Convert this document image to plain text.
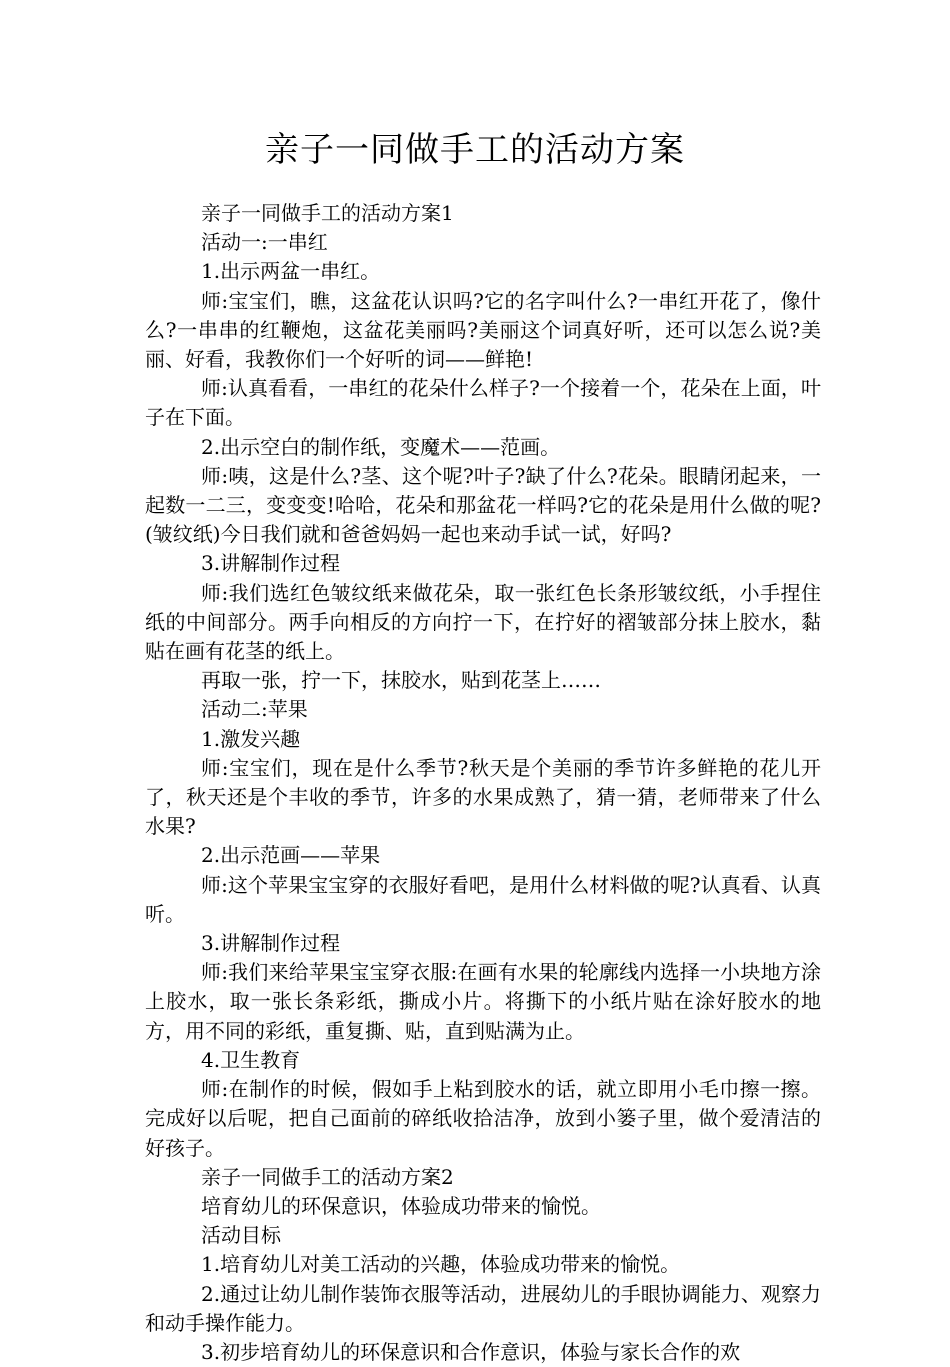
亲子一同做手工的活动方案

亲子一同做手工的活动方案1

活动一:一串红

1.出示两盆一串红。

师:宝宝们，瞧，这盆花认识吗?它的名字叫什么?一串红开花了，像什么?一串串的红鞭炮，这盆花美丽吗?美丽这个词真好听，还可以怎么说?美丽、好看，我教你们一个好听的词——鲜艳!

师:认真看看，一串红的花朵什么样子?一个接着一个，花朵在上面，叶子在下面。

2.出示空白的制作纸，变魔术——范画。

师:咦，这是什么?茎、这个呢?叶子?缺了什么?花朵。眼睛闭起来，一起数一二三，变变变!哈哈，花朵和那盆花一样吗?它的花朵是用什么做的呢?(皱纹纸)今日我们就和爸爸妈妈一起也来动手试一试，好吗?

3.讲解制作过程

师:我们选红色皱纹纸来做花朵，取一张红色长条形皱纹纸，小手捏住纸的中间部分。两手向相反的方向拧一下，在拧好的褶皱部分抹上胶水，黏贴在画有花茎的纸上。

再取一张，拧一下，抹胶水，贴到花茎上……

活动二:苹果

1.激发兴趣

师:宝宝们，现在是什么季节?秋天是个美丽的季节许多鲜艳的花儿开了，秋天还是个丰收的季节，许多的水果成熟了，猜一猜，老师带来了什么水果?

2.出示范画——苹果

师:这个苹果宝宝穿的衣服好看吧，是用什么材料做的呢?认真看、认真听。

3.讲解制作过程

师:我们来给苹果宝宝穿衣服:在画有水果的轮廓线内选择一小块地方涂上胶水，取一张长条彩纸，撕成小片。将撕下的小纸片贴在涂好胶水的地方，用不同的彩纸，重复撕、贴，直到贴满为止。

4.卫生教育

师:在制作的时候，假如手上粘到胶水的话，就立即用小毛巾擦一擦。完成好以后呢，把自己面前的碎纸收拾洁净，放到小篓子里，做个爱清洁的好孩子。

亲子一同做手工的活动方案2

培育幼儿的环保意识，体验成功带来的愉悦。

活动目标

1.培育幼儿对美工活动的兴趣，体验成功带来的愉悦。

2.通过让幼儿制作装饰衣服等活动，进展幼儿的手眼协调能力、观察力和动手操作能力。

3.初步培育幼儿的环保意识和合作意识，体验与家长合作的欢
